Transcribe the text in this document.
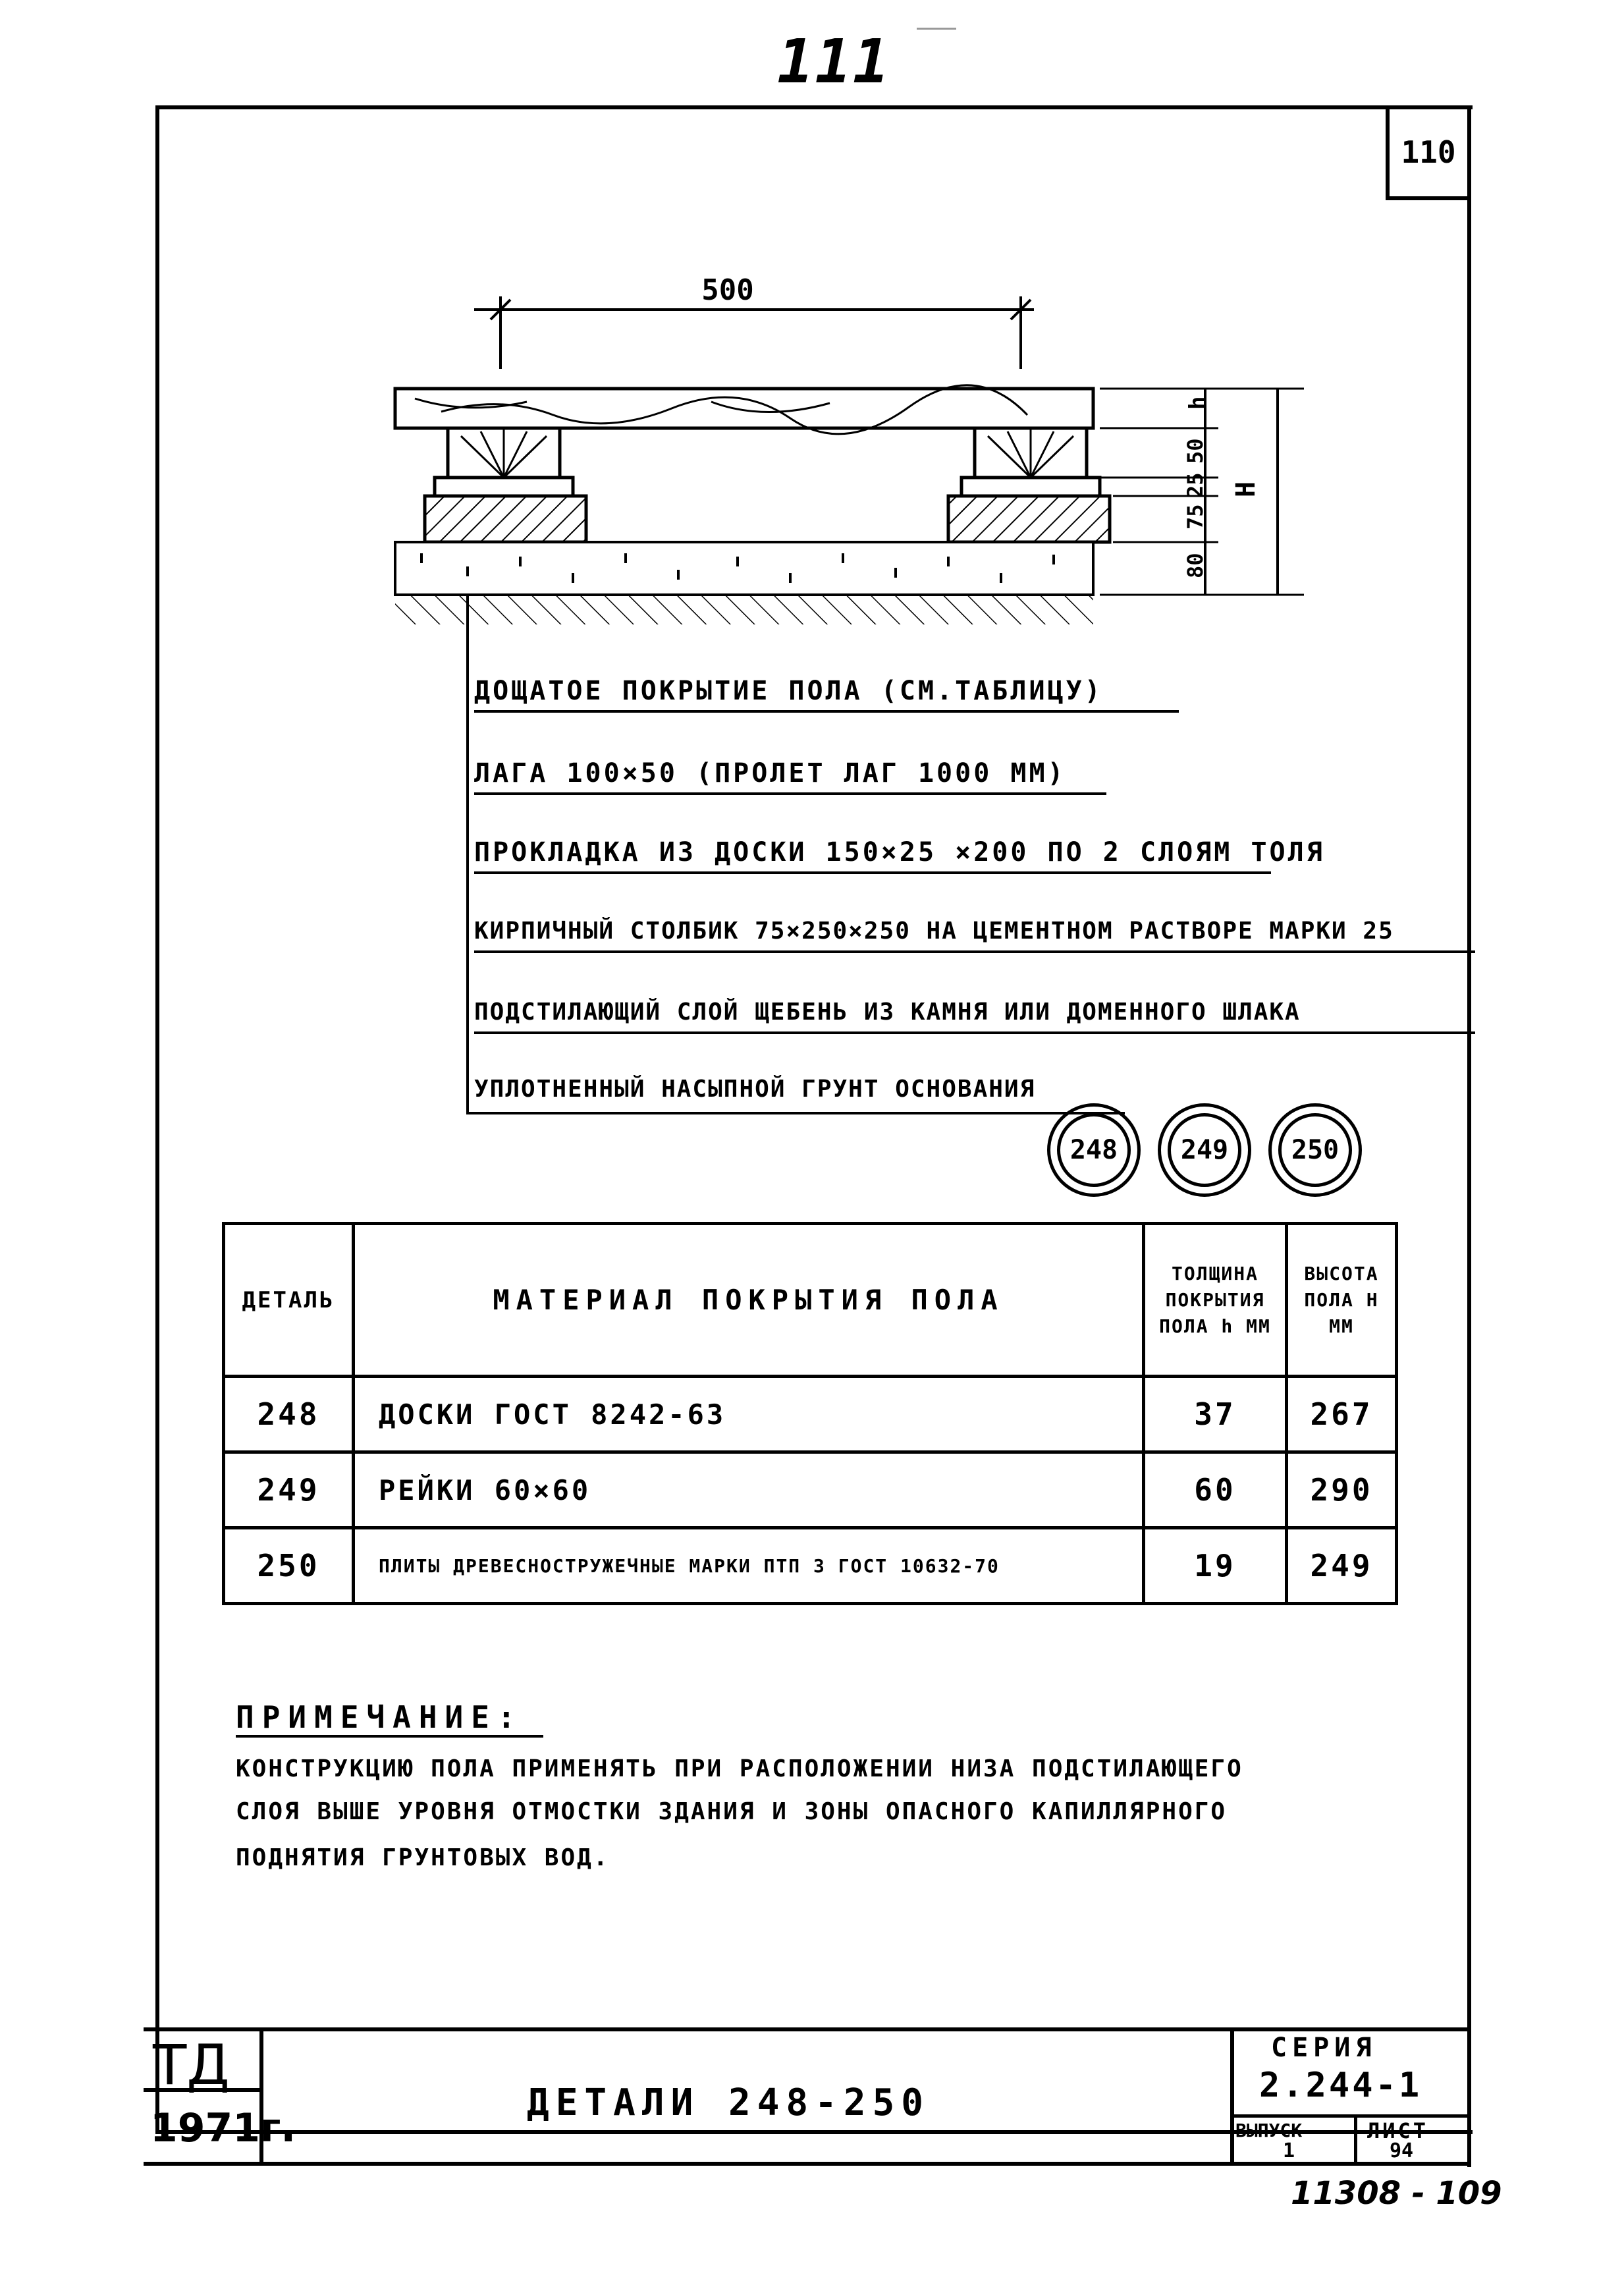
111
110
500
h
50
25
75
80
H
ДОЩАТОЕ ПОКРЫТИЕ ПОЛА (СМ.ТАБЛИЦУ)
ЛАГА 100×50 (ПРОЛЕТ ЛАГ 1000 ММ)
ПРОКЛАДКА ИЗ ДОСКИ 150×25 ×200 ПО 2 СЛОЯМ ТОЛЯ
КИРПИЧНЫЙ СТОЛБИК 75×250×250 НА ЦЕМЕНТНОМ РАСТВОРЕ МАРКИ 25
ПОДСТИЛАЮЩИЙ СЛОЙ ЩЕБЕНЬ ИЗ КАМНЯ ИЛИ ДОМЕННОГО ШЛАКА
УПЛОТНЕННЫЙ НАСЫПНОЙ ГРУНТ ОСНОВАНИЯ
248	249	250
ДЕТАЛЬ	МАТЕРИАЛ ПОКРЫТИЯ ПОЛА	ТОЛЩИНА ПОКРЫТИЯ ПОЛА h ММ	ВЫСОТА ПОЛА H ММ
248	ДОСКИ ГОСТ 8242-63	37	267
249	РЕЙКИ 60×60	60	290
250	ПЛИТЫ ДРЕВЕСНОСТРУЖЕЧНЫЕ МАРКИ ПТП 3 ГОСТ 10632-70	19	249
ПРИМЕЧАНИЕ:
КОНСТРУКЦИЮ ПОЛА ПРИМЕНЯТЬ ПРИ РАСПОЛОЖЕНИИ НИЗА ПОДСТИЛАЮЩЕГО
СЛОЯ ВЫШЕ УРОВНЯ ОТМОСТКИ ЗДАНИЯ И ЗОНЫ ОПАСНОГО КАПИЛЛЯРНОГО
ПОДНЯТИЯ ГРУНТОВЫХ ВОД.
ТД
1971г.
ДЕТАЛИ 248-250
СЕРИЯ
2.244-1
ВЫПУСК
1
ЛИСТ
94
11308 - 109
